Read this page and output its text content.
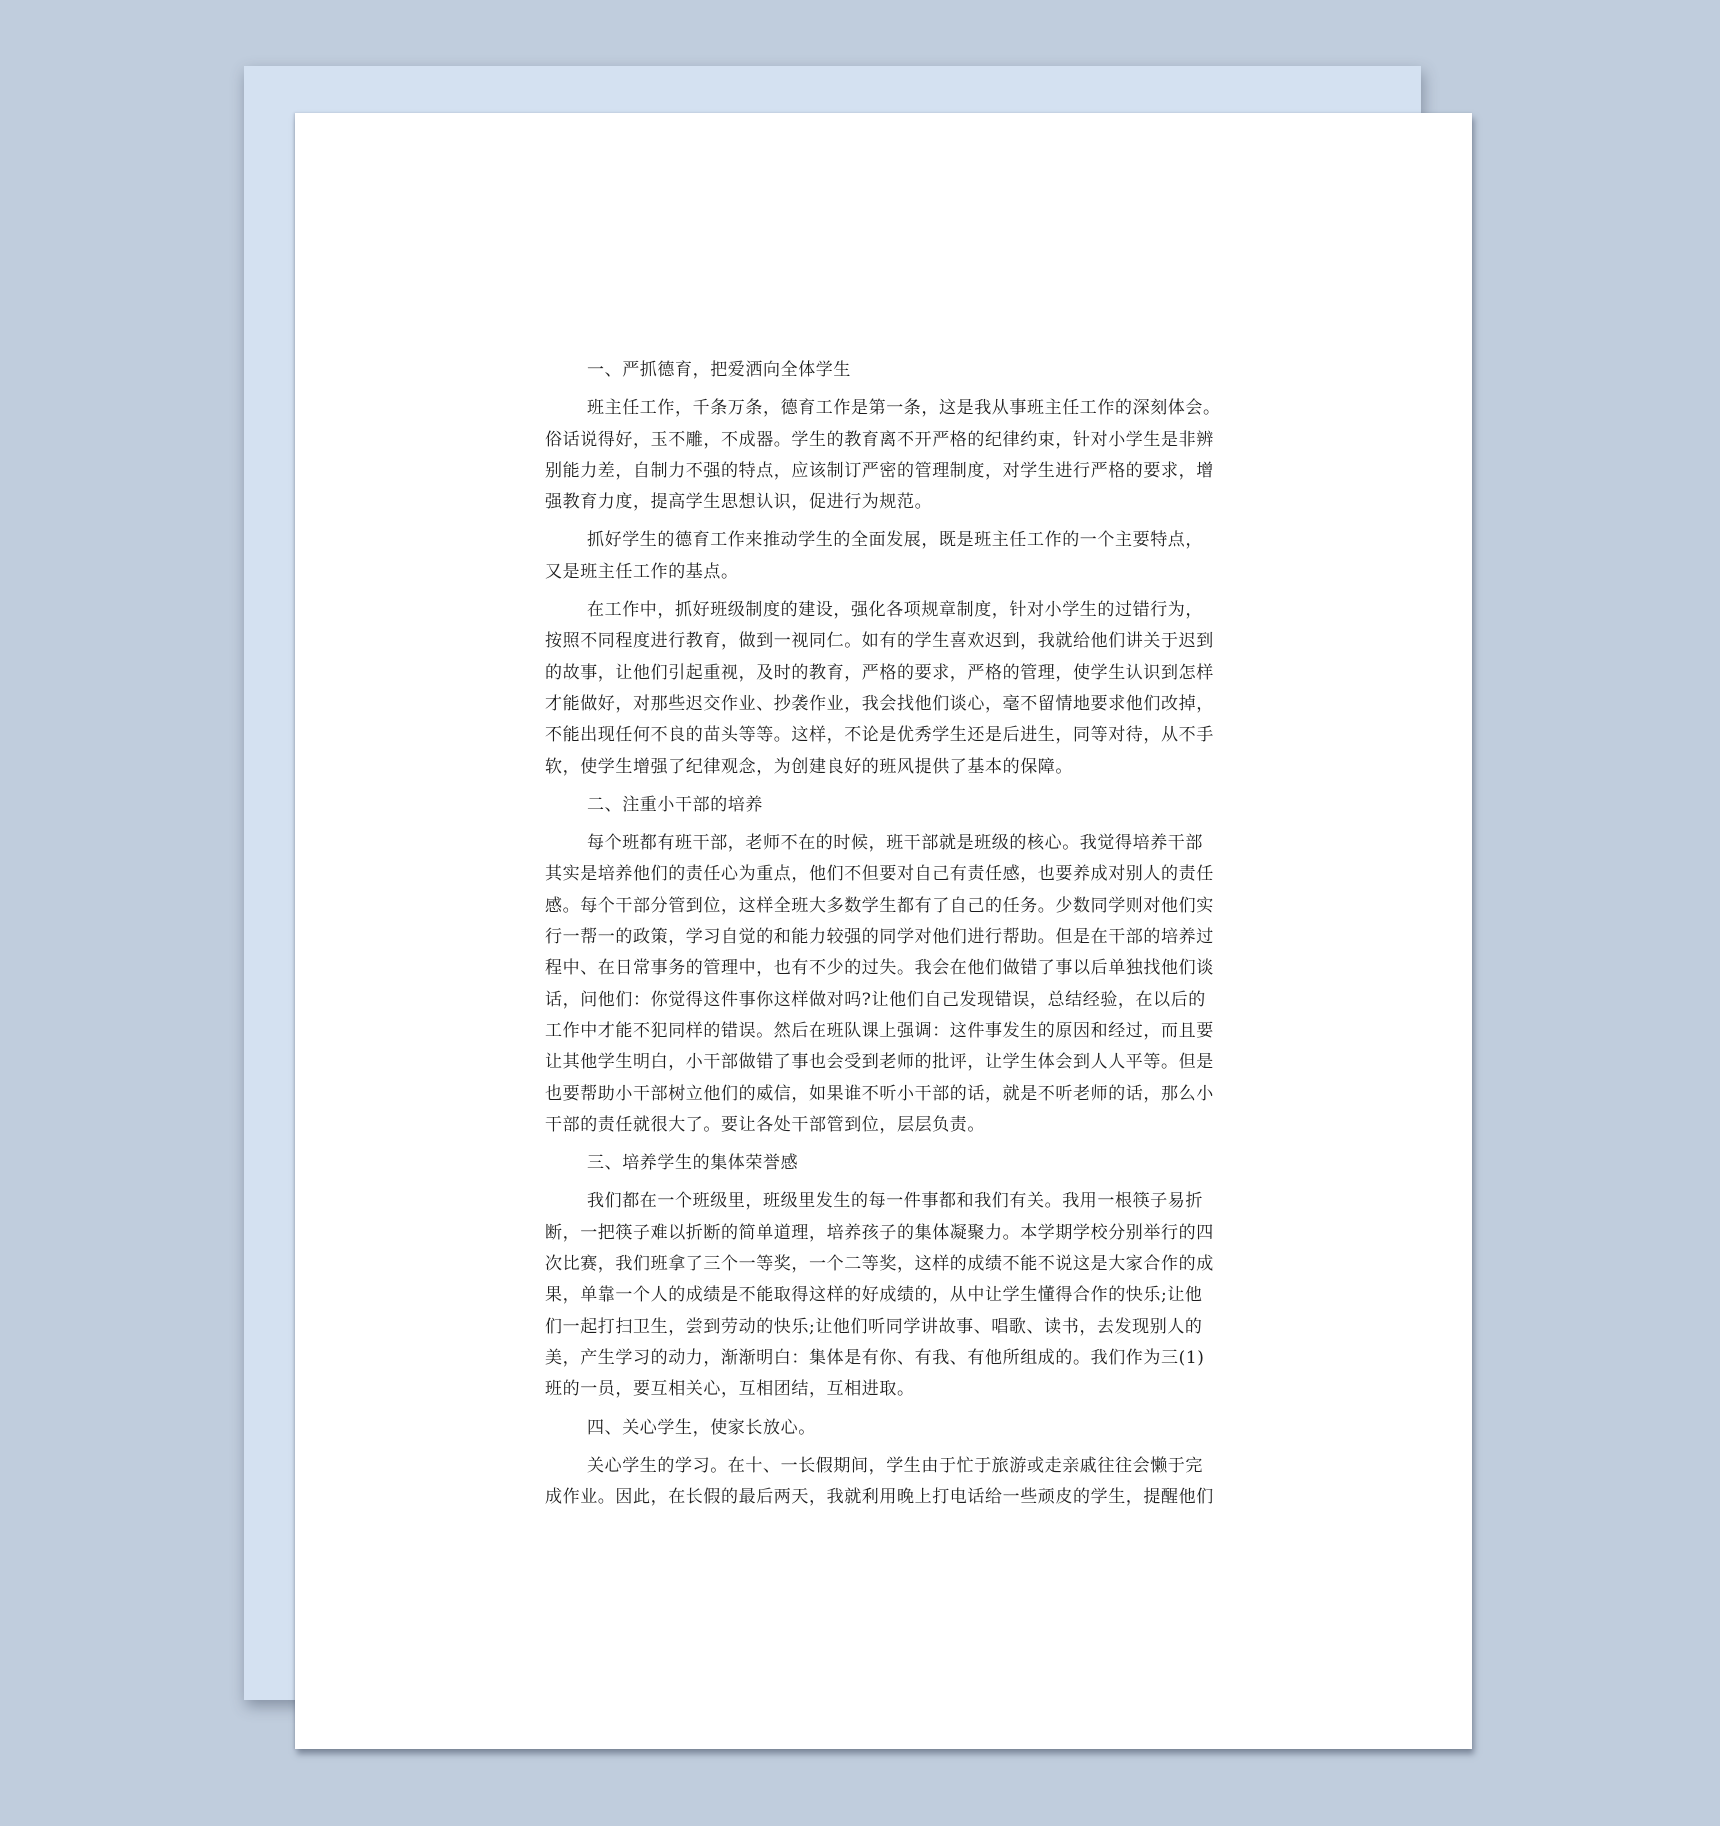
一、严抓德育，把爱洒向全体学生
班主任工作，千条万条，德育工作是第一条，这是我从事班主任工作的深刻体会。
俗话说得好，玉不雕，不成器。学生的教育离不开严格的纪律约束，针对小学生是非辨
别能力差，自制力不强的特点，应该制订严密的管理制度，对学生进行严格的要求，增
强教育力度，提高学生思想认识，促进行为规范。
抓好学生的德育工作来推动学生的全面发展，既是班主任工作的一个主要特点，
又是班主任工作的基点。
在工作中，抓好班级制度的建设，强化各项规章制度，针对小学生的过错行为，
按照不同程度进行教育，做到一视同仁。如有的学生喜欢迟到，我就给他们讲关于迟到
的故事，让他们引起重视，及时的教育，严格的要求，严格的管理，使学生认识到怎样
才能做好，对那些迟交作业、抄袭作业，我会找他们谈心，毫不留情地要求他们改掉，
不能出现任何不良的苗头等等。这样，不论是优秀学生还是后进生，同等对待，从不手
软，使学生增强了纪律观念，为创建良好的班风提供了基本的保障。
二、注重小干部的培养
每个班都有班干部，老师不在的时候，班干部就是班级的核心。我觉得培养干部
其实是培养他们的责任心为重点，他们不但要对自己有责任感，也要养成对别人的责任
感。每个干部分管到位，这样全班大多数学生都有了自己的任务。少数同学则对他们实
行一帮一的政策，学习自觉的和能力较强的同学对他们进行帮助。但是在干部的培养过
程中、在日常事务的管理中，也有不少的过失。我会在他们做错了事以后单独找他们谈
话，问他们：你觉得这件事你这样做对吗?让他们自己发现错误，总结经验，在以后的
工作中才能不犯同样的错误。然后在班队课上强调：这件事发生的原因和经过，而且要
让其他学生明白，小干部做错了事也会受到老师的批评，让学生体会到人人平等。但是
也要帮助小干部树立他们的威信，如果谁不听小干部的话，就是不听老师的话，那么小
干部的责任就很大了。要让各处干部管到位，层层负责。
三、培养学生的集体荣誉感
我们都在一个班级里，班级里发生的每一件事都和我们有关。我用一根筷子易折
断，一把筷子难以折断的简单道理，培养孩子的集体凝聚力。本学期学校分别举行的四
次比赛，我们班拿了三个一等奖，一个二等奖，这样的成绩不能不说这是大家合作的成
果，单靠一个人的成绩是不能取得这样的好成绩的，从中让学生懂得合作的快乐;让他
们一起打扫卫生，尝到劳动的快乐;让他们听同学讲故事、唱歌、读书，去发现别人的
美，产生学习的动力，渐渐明白：集体是有你、有我、有他所组成的。我们作为三(1)
班的一员，要互相关心，互相团结，互相进取。
四、关心学生，使家长放心。
关心学生的学习。在十、一长假期间，学生由于忙于旅游或走亲戚往往会懒于完
成作业。因此，在长假的最后两天，我就利用晚上打电话给一些顽皮的学生，提醒他们
